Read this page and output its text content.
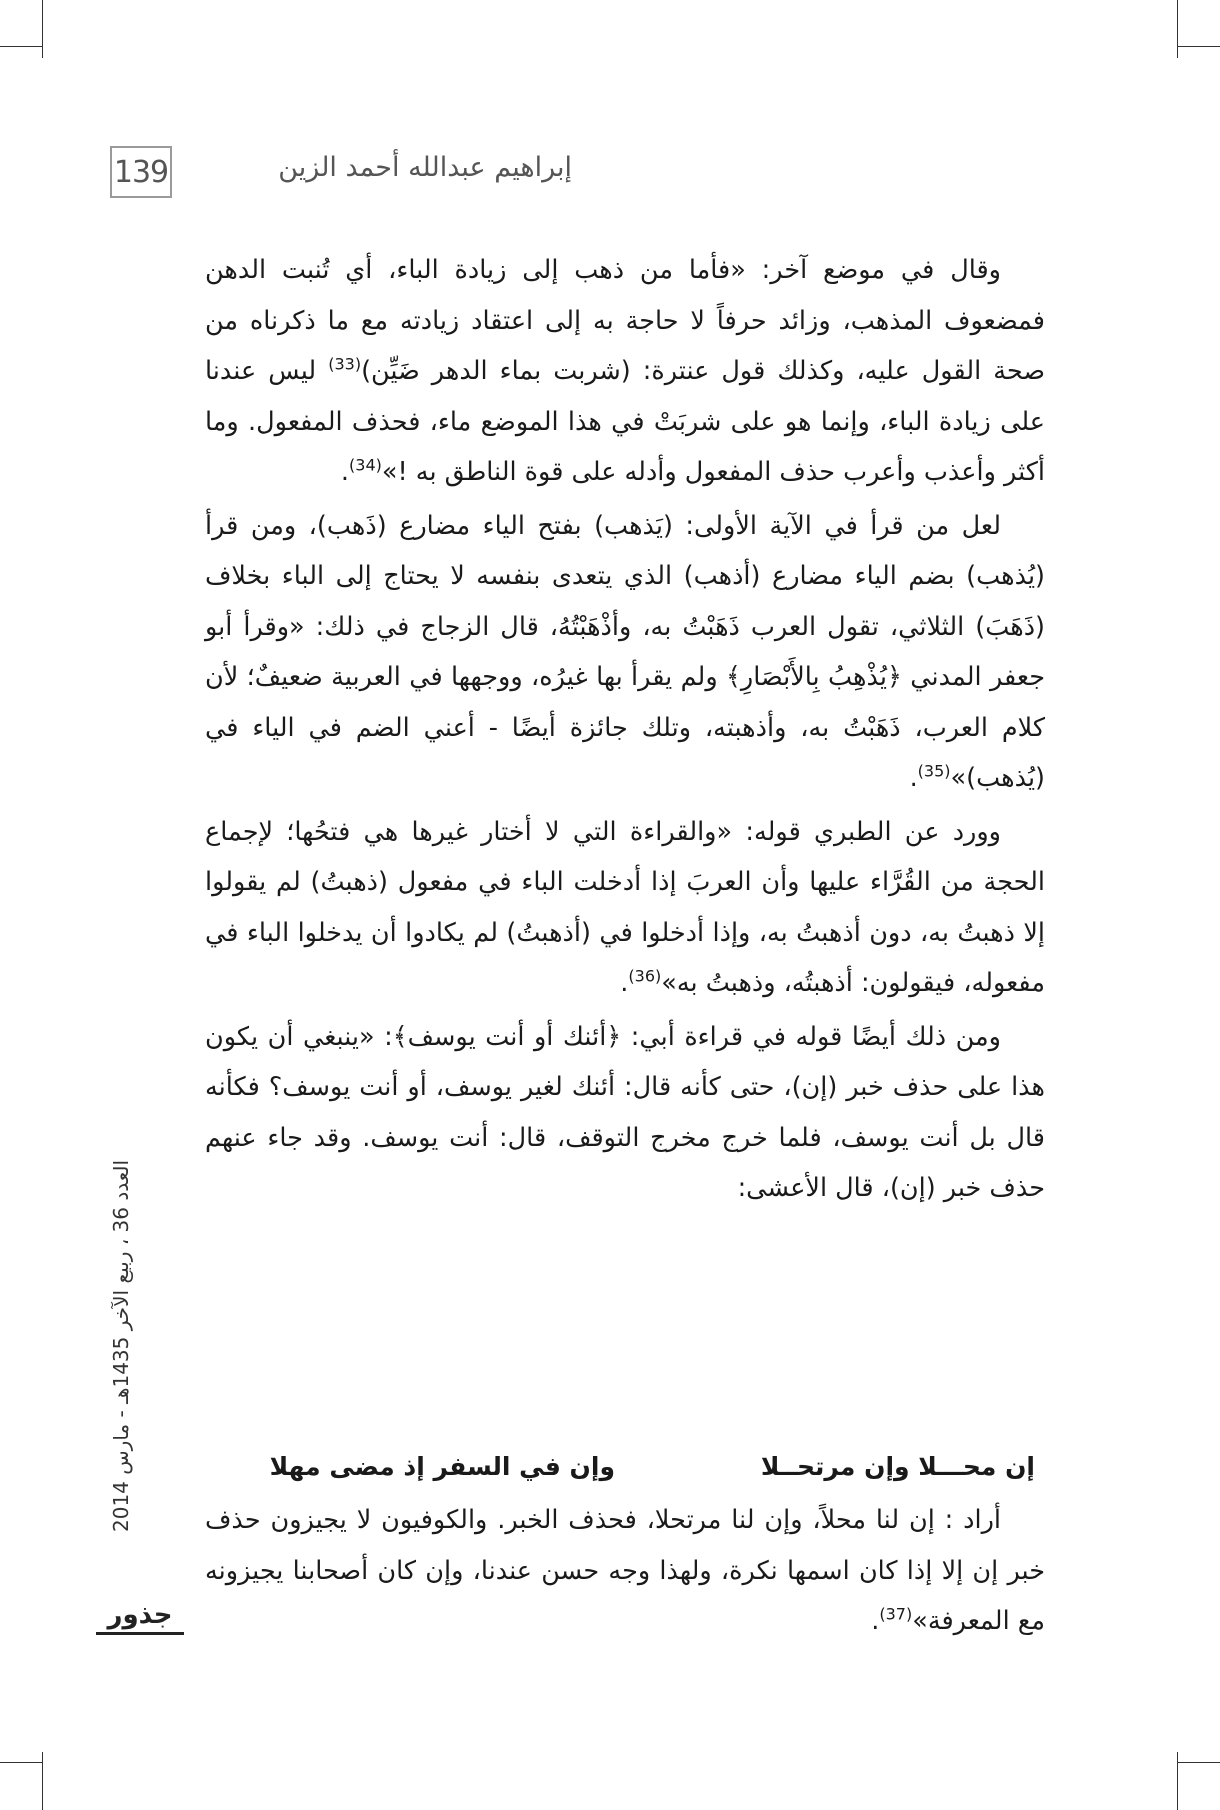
139	إبراهيم عبدالله أحمد الزين

وقال في موضع آخر: «فأما من ذهب إلى زيادة الباء، أي تُنبت الدهن فمضعوف المذهب، وزائد حرفاً لا حاجة به إلى اعتقاد زيادته مع ما ذكرناه من صحة القول عليه، وكذلك قول عنترة: (شربت بماء الدهر ضَيِّن)$^{(33)}$ ليس عندنا على زيادة الباء، وإنما هو على شربَتْ في هذا الموضع ماء، فحذف المفعول. وما أكثر وأعذب وأعرب حذف المفعول وأدله على قوة الناطق به !»$^{(34)}$.

لعل من قرأ في الآية الأولى: (يَذهب) بفتح الياء مضارع (ذَهب)، ومن قرأ (يُذهب) بضم الياء مضارع (أذهب) الذي يتعدى بنفسه لا يحتاج إلى الباء بخلاف (ذَهَبَ) الثلاثي، تقول العرب ذَهَبْتُ به، وأذْهَبْتُهُ، قال الزجاج في ذلك: «وقرأ أبو جعفر المدني ﴿يُذْهِبُ بِالأَبْصَارِ﴾ ولم يقرأ بها غيرُه، ووجهها في العربية ضعيفٌ؛ لأن كلام العرب، ذَهَبْتُ به، وأذهبته، وتلك جائزة أيضًا - أعني الضم في الياء في (يُذهب)»$^{(35)}$.

وورد عن الطبري قوله: «والقراءة التي لا أختار غيرها هي فتحُها؛ لإجماع الحجة من القُرَّاء عليها وأن العربَ إذا أدخلت الباء في مفعول (ذهبتُ) لم يقولوا إلا ذهبتُ به، دون أذهبتُ به، وإذا أدخلوا في (أذهبتُ) لم يكادوا أن يدخلوا الباء في مفعوله، فيقولون: أذهبتُه، وذهبتُ به»$^{(36)}$.

ومن ذلك أيضًا قوله في قراءة أبي: ﴿أئنك أو أنت يوسف﴾: «ينبغي أن يكون هذا على حذف خبر (إن)، حتى كأنه قال: أئنك لغير يوسف، أو أنت يوسف؟ فكأنه قال بل أنت يوسف، فلما خرج مخرج التوقف، قال: أنت يوسف. وقد جاء عنهم حذف خبر (إن)، قال الأعشى:

إن محـــلا وإن مرتحــلا
وإن في السفر إذ مضى مهلا

أراد : إن لنا محلاً، وإن لنا مرتحلا، فحذف الخبر. والكوفيون لا يجيزون حذف خبر إن إلا إذا كان اسمها نكرة، ولهذا وجه حسن عندنا، وإن كان أصحابنا يجيزونه مع المعرفة»$^{(37)}$.

العدد 36 ، ربيع الآخر 1435هـ - مارس 2014
جذور
